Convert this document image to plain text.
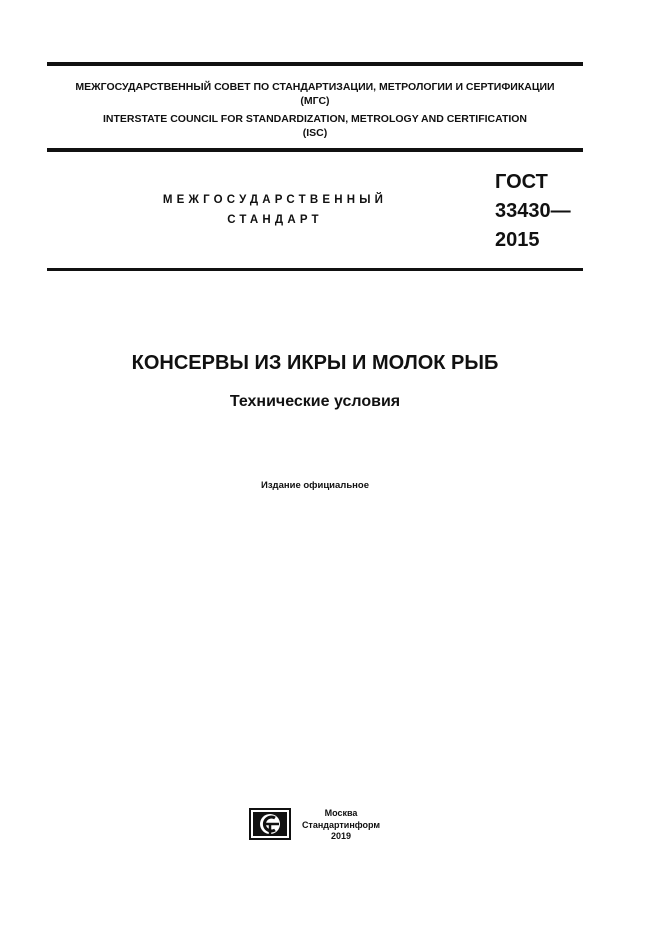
МЕЖГОСУДАРСТВЕННЫЙ СОВЕТ ПО СТАНДАРТИЗАЦИИ, МЕТРОЛОГИИ И СЕРТИФИКАЦИИ
(МГС)
INTERSTATE COUNCIL FOR STANDARDIZATION, METROLOGY AND CERTIFICATION
(ISC)
МЕЖГОСУДАРСТВЕННЫЙ
СТАНДАРТ
ГОСТ
33430—
2015
КОНСЕРВЫ ИЗ ИКРЫ И МОЛОК РЫБ
Технические условия
Издание официальное
Москва
Стандартинформ
2019
